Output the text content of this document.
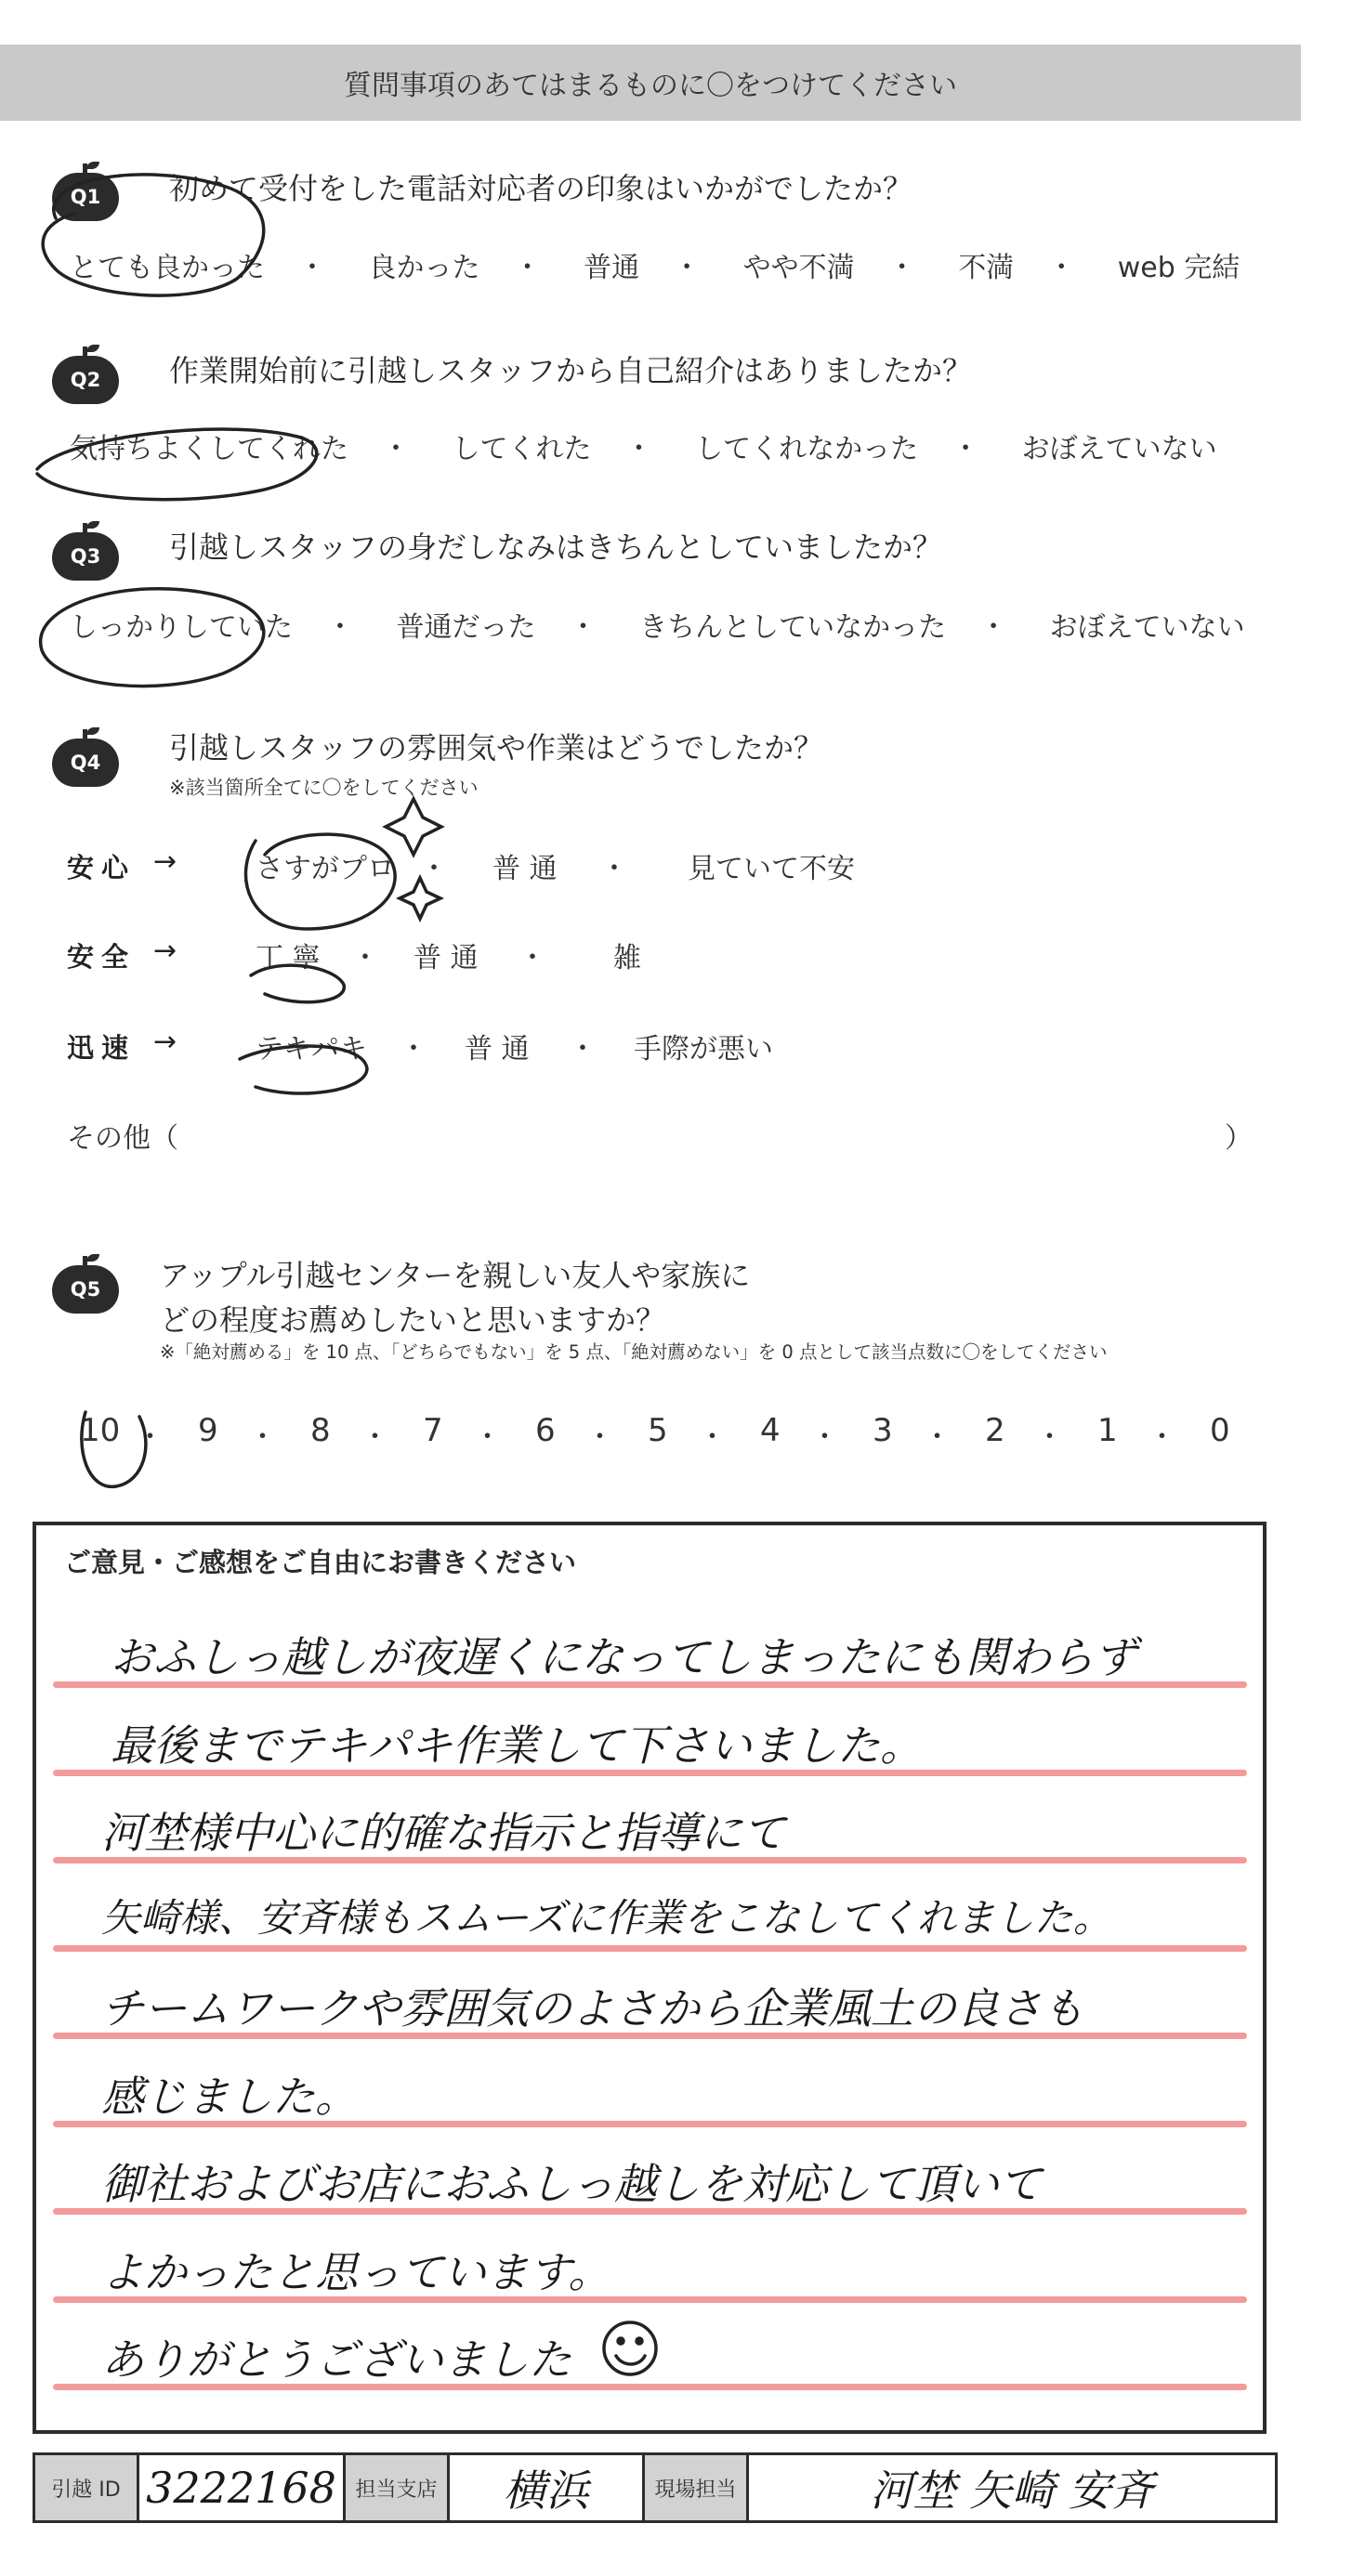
質問事項のあてはまるものに〇をつけてください
Q1	初めて受付をした電話対応者の印象はいかがでしたか？
とても良かった ・ 良かった ・ 普通 ・ やや不満 ・ 不満 ・ web 完結
Q2	作業開始前に引越しスタッフから自己紹介はありましたか？
気持ちよくしてくれた ・ してくれた ・ してくれなかった ・ おぼえていない
Q3	引越しスタッフの身だしなみはきちんとしていましたか？
しっかりしていた ・ 普通だった ・ きちんとしていなかった ・ おぼえていない
Q4	引越しスタッフの雰囲気や作業はどうでしたか？
※該当箇所全てに〇をしてください
安心 →	さすがプロ ・ 普 通 ・ 見ていて不安
安全 →	丁 寧 ・ 普 通 ・ 雑
迅速 →	テキパキ ・ 普 通 ・ 手際が悪い
その他（	）
Q5	アップル引越センターを親しい友人や家族に
どの程度お薦めしたいと思いますか？
※「絶対薦める」を 10 点、「どちらでもない」を 5 点、「絶対薦めない」を 0 点として該当点数に〇をしてください
10 ・ 9 ・ 8 ・ 7 ・ 6 ・ 5 ・ 4 ・ 3 ・ 2 ・ 1 ・ 0
ご意見・ご感想をご自由にお書きください
おふしっ越しが夜遅くになってしまったにも関わらず
最後までテキパキ作業して下さいました。
河埜様中心に的確な指示と指導にて
矢崎様、安斉様もスムーズに作業をこなしてくれました。
チームワークや雰囲気のよさから企業風土の良さも
感じました。
御社およびお店におふしっ越しを対応して頂いて
よかったと思っています。
ありがとうございました
引越 ID 3222168 担当支店	横浜	現場担当	河埜 矢崎 安斉
